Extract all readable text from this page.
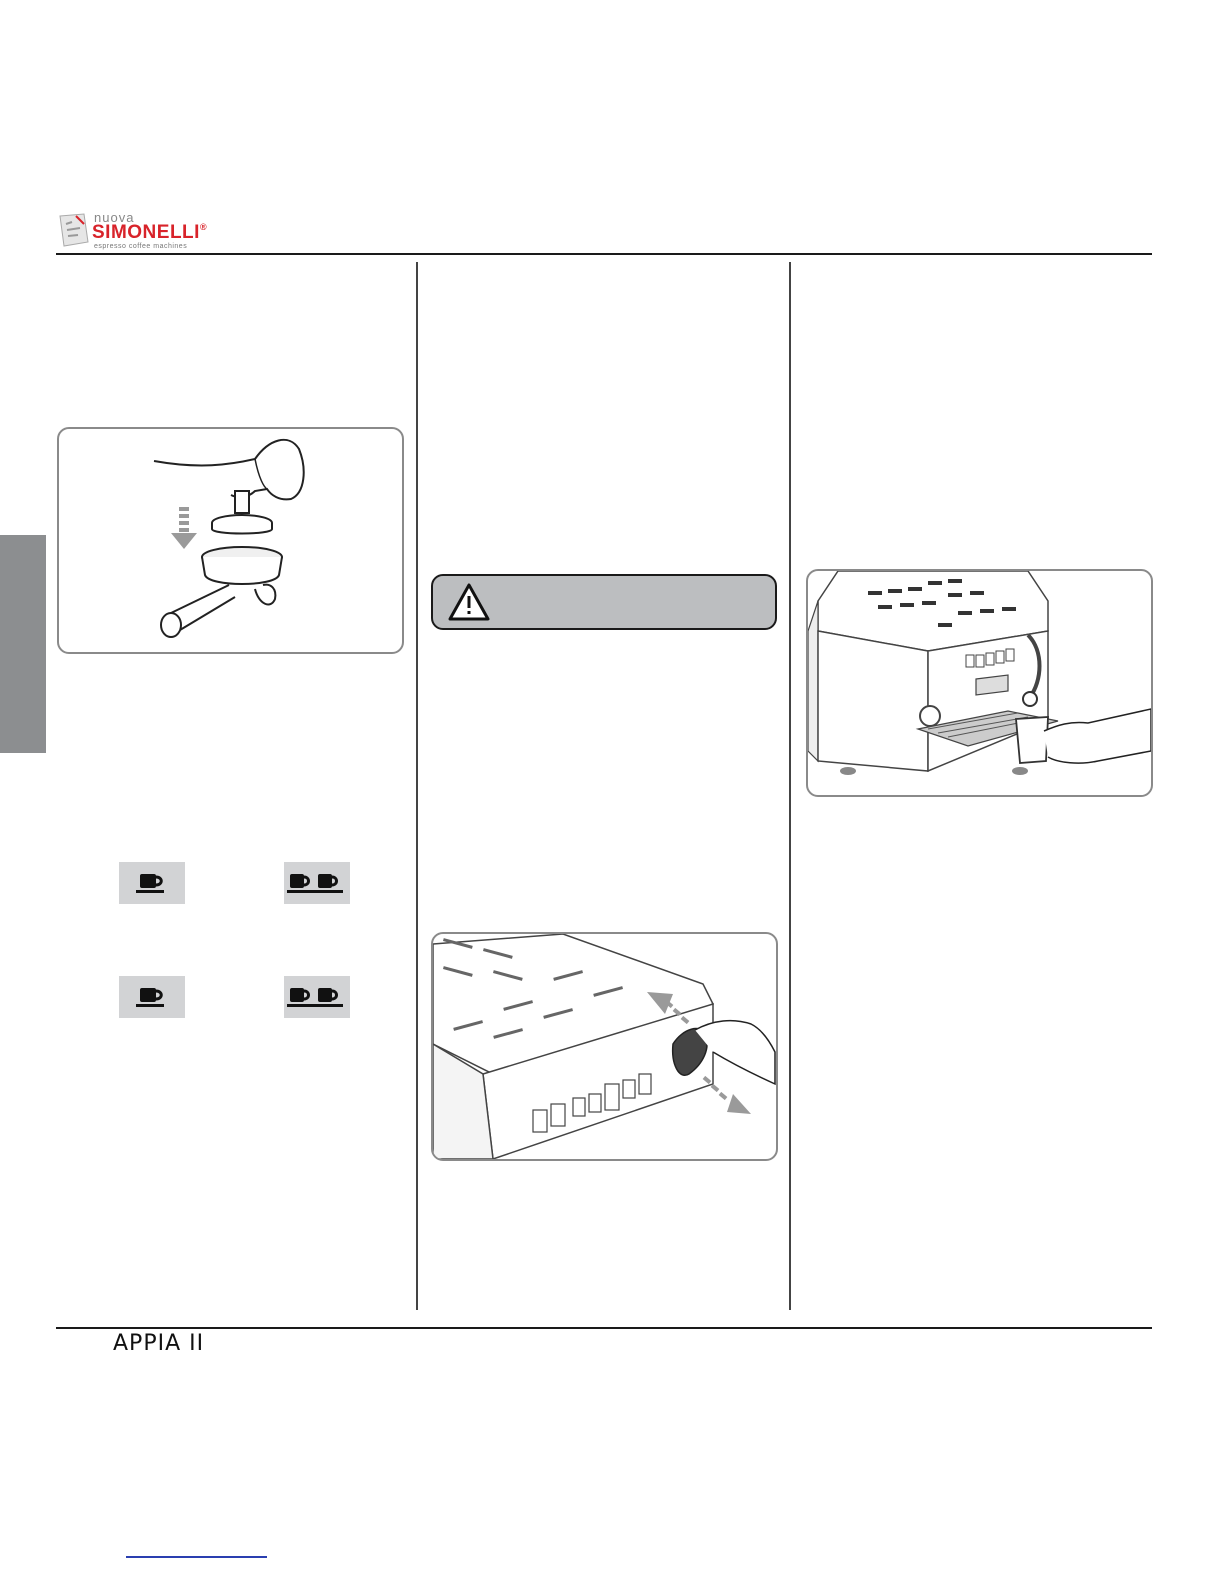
nuova
SIMONELLI®
espresso coffee machines
APPIA II
